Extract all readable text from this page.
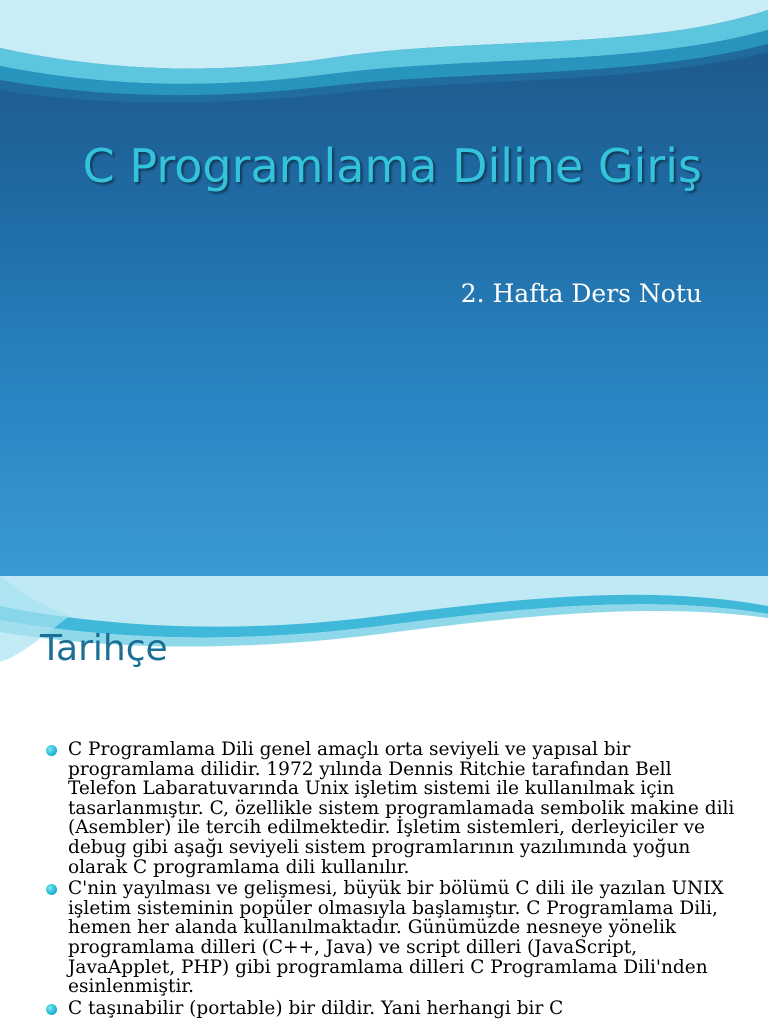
C Programlama Diline Giriş
2. Hafta Ders Notu
Tarihçe
C Programlama Dili genel amaçlı orta seviyeli ve yapısal bir programlama dilidir. 1972 yılında Dennis Ritchie tarafından Bell Telefon Labaratuvarında Unix işletim sistemi ile kullanılmak için tasarlanmıştır. C, özellikle sistem programlamada sembolik makine dili (Asembler) ile tercih edilmektedir. İşletim sistemleri, derleyiciler ve debug gibi aşağı seviyeli sistem programlarının yazılımında yoğun olarak C programlama dili kullanılır.
C'nin yayılması ve gelişmesi, büyük bir bölümü C dili ile yazılan UNIX işletim sisteminin popüler olmasıyla başlamıştır. C Programlama Dili, hemen her alanda kullanılmaktadır. Günümüzde nesneye yönelik programlama dilleri (C++, Java) ve script dilleri (JavaScript, JavaApplet, PHP) gibi programlama dilleri C Programlama Dili'nden esinlenmiştir.
C taşınabilir (portable) bir dildir. Yani herhangi bir C
